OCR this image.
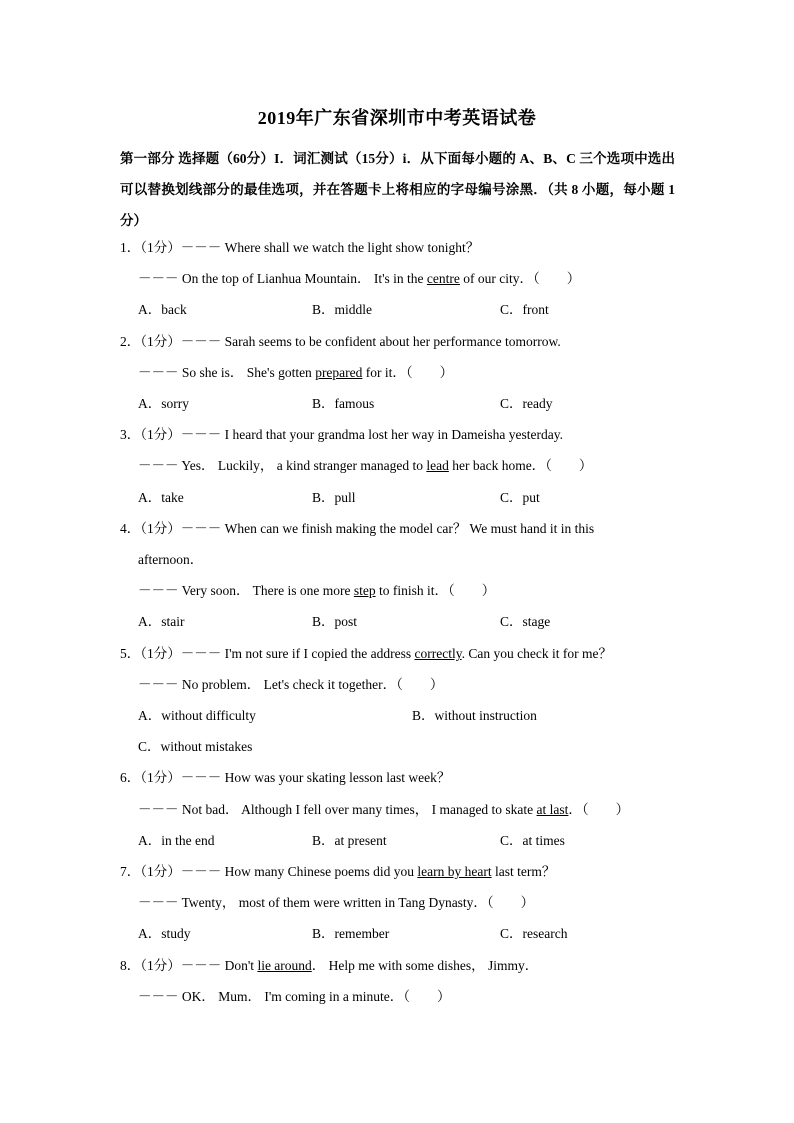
2019年广东省深圳市中考英语试卷
第一部分 选择题（60分）I．词汇测试（15分）i．从下面每小题的 A、B、C 三个选项中选出可以替换划线部分的最佳选项，并在答题卡上将相应的字母编号涂黑．（共 8 小题，每小题 1 分）
1．（1分）－－－ Where shall we watch the light show tonight？
－－－ On the top of Lianhua Mountain． It's in the centre of our city．（　　）
A．back	B．middle	C．front
2．（1分）－－－ Sarah seems to be confident about her performance tomorrow.
－－－ So she is． She's gotten prepared for it．（　　）
A．sorry	B．famous	C．ready
3．（1分）－－－ I heard that your grandma lost her way in Dameisha yesterday.
－－－ Yes． Luckily， a kind stranger managed to lead her back home．（　　）
A．take	B．pull	C．put
4．（1分）－－－ When can we finish making the model car？ We must hand it in this
afternoon．
－－－ Very soon． There is one more step to finish it．（　　）
A．stair	B．post	C．stage
5．（1分）－－－ I'm not sure if I copied the address correctly. Can you check it for me？
－－－ No problem． Let's check it together．（　　）
A．without difficulty	B．without instruction
C．without mistakes
6．（1分）－－－ How was your skating lesson last week？
－－－ Not bad． Although I fell over many times， I managed to skate at last．（　　）
A．in the end	B．at present	C．at times
7．（1分）－－－ How many Chinese poems did you learn by heart last term？
－－－ Twenty， most of them were written in Tang Dynasty．（　　）
A．study	B．remember	C．research
8．（1分）－－－ Don't lie around． Help me with some dishes， Jimmy．
－－－ OK． Mum． I'm coming in a minute．（　　）
